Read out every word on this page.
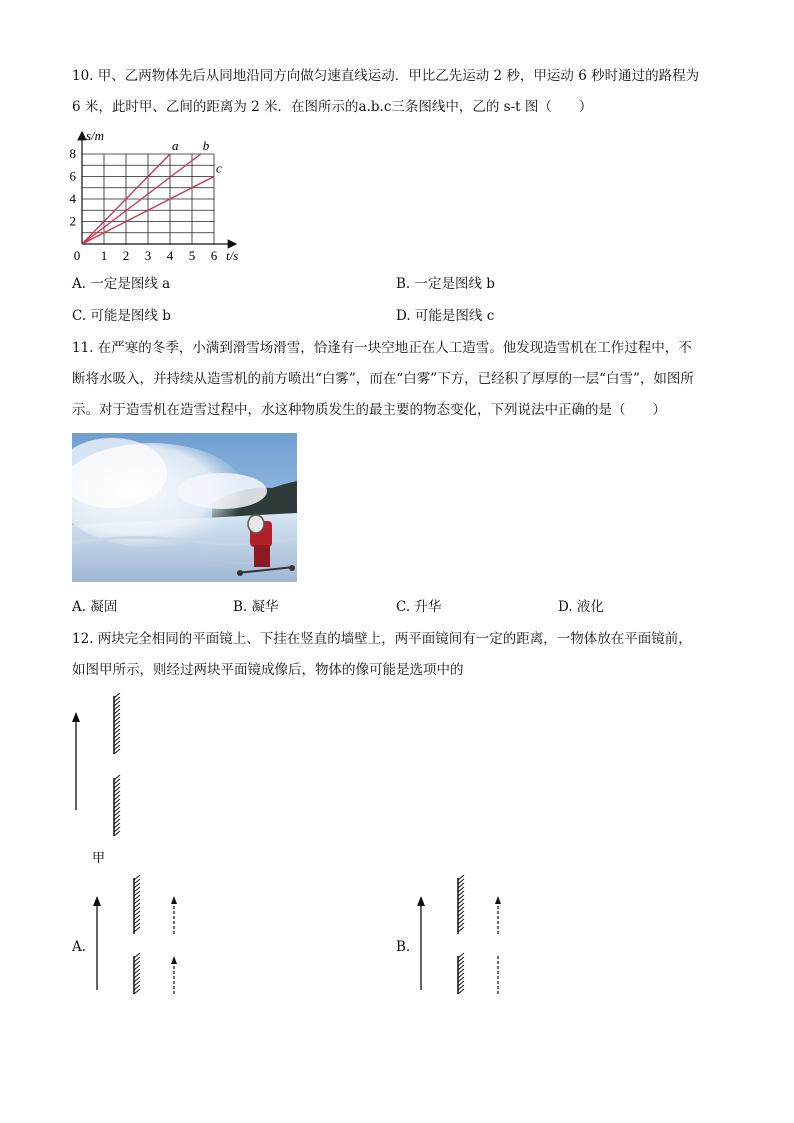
10. 甲、乙两物体先后从同地沿同方向做匀速直线运动．甲比乙先运动 2 秒，甲运动 6 秒时通过的路程为
6 米，此时甲、乙间的距离为 2 米．在图所示的a.b.c三条图线中，乙的 s-t 图（　　）
2
4
6
8
1 2 3 4 5 6
s/m
t/s
0
a b
c
A. 一定是图线 a	B. 一定是图线 b
C. 可能是图线 b	D. 可能是图线 c
11. 在严寒的冬季，小满到滑雪场滑雪，恰逢有一块空地正在人工造雪。他发现造雪机在工作过程中，不
断将水吸入，并持续从造雪机的前方喷出“白雾”，而在“白雾”下方，已经积了厚厚的一层“白雪”，如图所
示。对于造雪机在造雪过程中，水这种物质发生的最主要的物态变化，下列说法中正确的是（　　）
A. 凝固	B. 凝华	C. 升华	D. 液化
12. 两块完全相同的平面镜上、下挂在竖直的墙壁上，两平面镜间有一定的距离，一物体放在平面镜前，
如图甲所示，则经过两块平面镜成像后，物体的像可能是选项中的
甲
A.	B.
